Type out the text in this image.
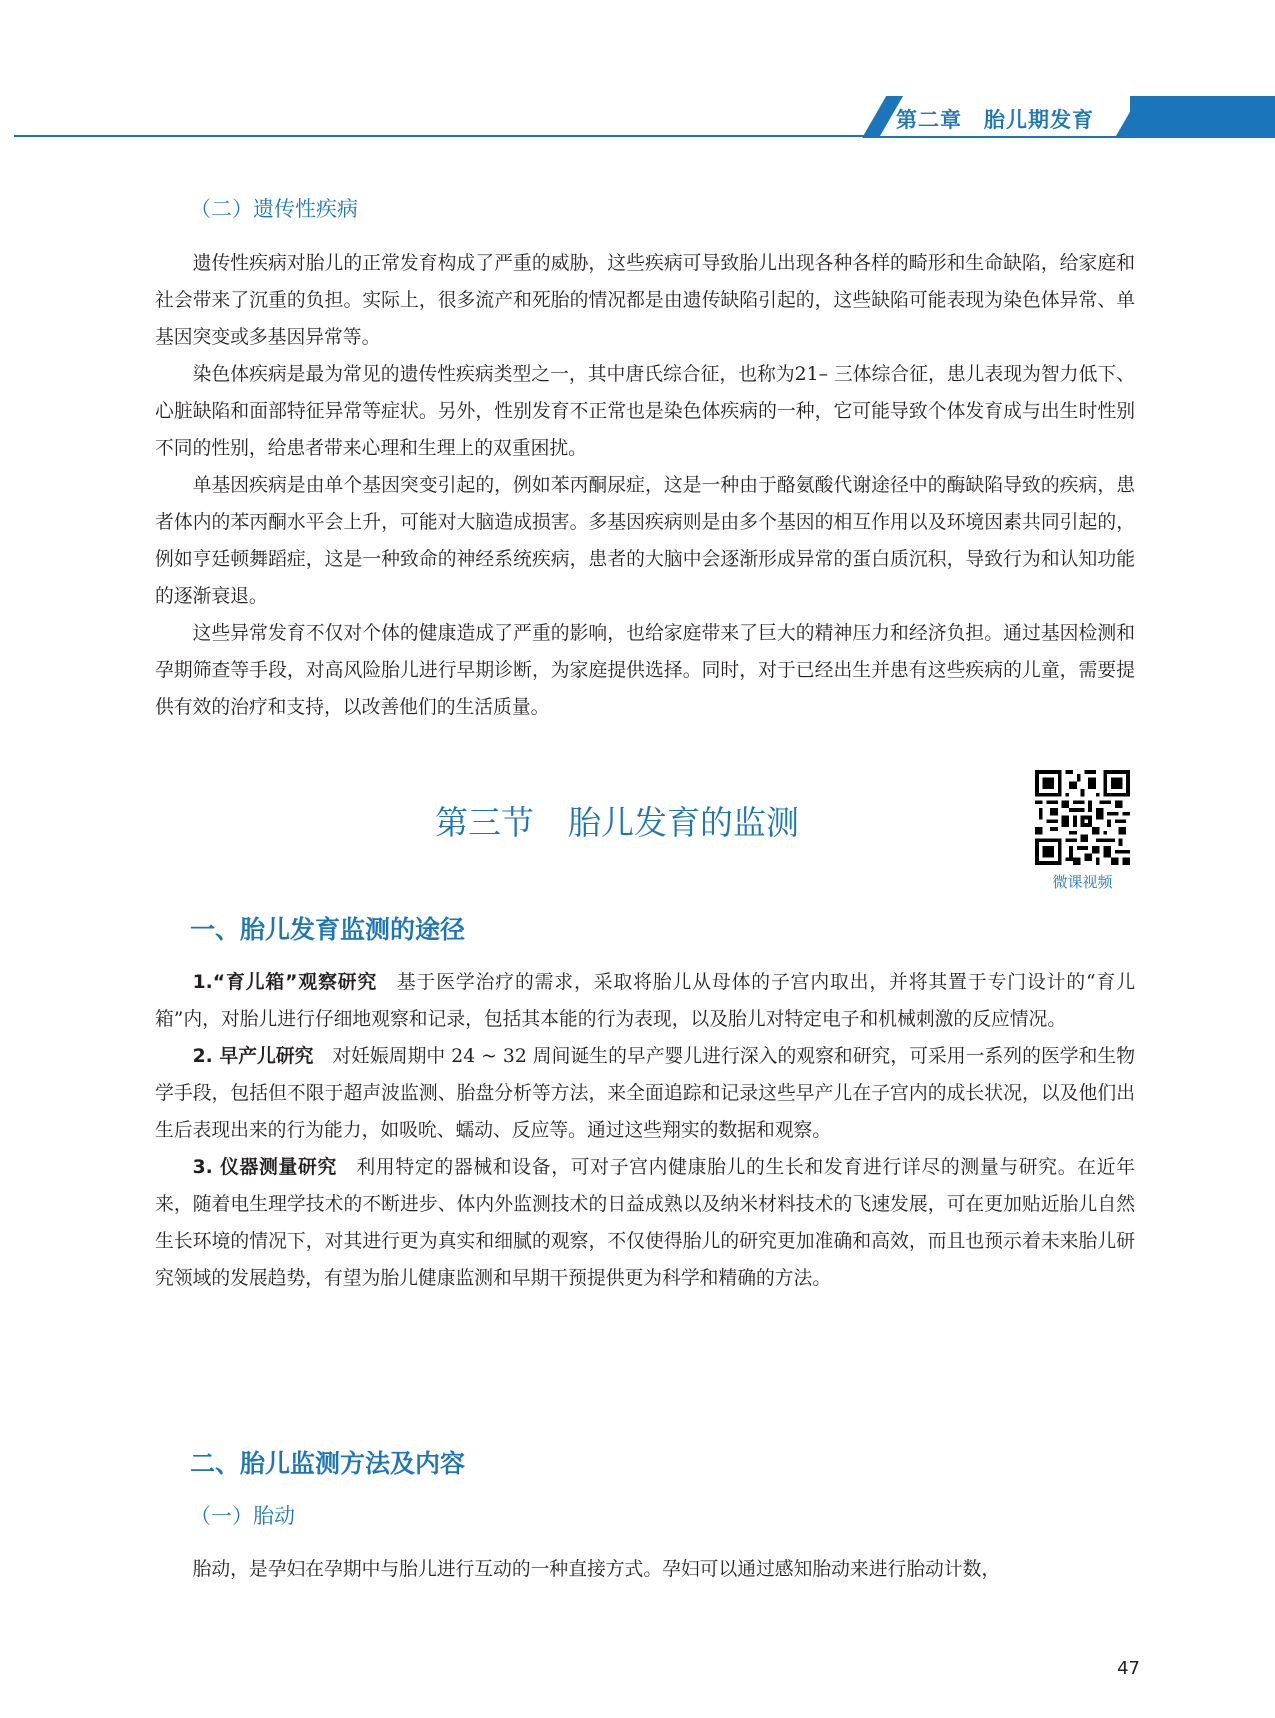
第二章 胎儿期发育
（二）遗传性疾病

遗传性疾病对胎儿的正常发育构成了严重的威胁，这些疾病可导致胎儿出现各种各样的畸形和生命缺陷，给家庭和社会带来了沉重的负担。实际上，很多流产和死胎的情况都是由遗传缺陷引起的，这些缺陷可能表现为染色体异常、单基因突变或多基因异常等。

染色体疾病是最为常见的遗传性疾病类型之一，其中唐氏综合征，也称为21– 三体综合征，患儿表现为智力低下、心脏缺陷和面部特征异常等症状。另外，性别发育不正常也是染色体疾病的一种，它可能导致个体发育成与出生时性别不同的性别，给患者带来心理和生理上的双重困扰。

单基因疾病是由单个基因突变引起的，例如苯丙酮尿症，这是一种由于酪氨酸代谢途径中的酶缺陷导致的疾病，患者体内的苯丙酮水平会上升，可能对大脑造成损害。多基因疾病则是由多个基因的相互作用以及环境因素共同引起的，例如亨廷顿舞蹈症，这是一种致命的神经系统疾病，患者的大脑中会逐渐形成异常的蛋白质沉积，导致行为和认知功能的逐渐衰退。

这些异常发育不仅对个体的健康造成了严重的影响，也给家庭带来了巨大的精神压力和经济负担。通过基因检测和孕期筛查等手段，对高风险胎儿进行早期诊断，为家庭提供选择。同时，对于已经出生并患有这些疾病的儿童，需要提供有效的治疗和支持，以改善他们的生活质量。

第三节 胎儿发育的监测
微课视频
一、胎儿发育监测的途径

1.“育儿箱”观察研究　 基于医学治疗的需求，采取将胎儿从母体的子宫内取出，并将其置于专门设计的“育儿箱”内，对胎儿进行仔细地观察和记录，包括其本能的行为表现，以及胎儿对特定电子和机械刺激的反应情况。

2. 早产儿研究　 对妊娠周期中 24 ~ 32 周间诞生的早产婴儿进行深入的观察和研究，可采用一系列的医学和生物学手段，包括但不限于超声波监测、胎盘分析等方法，来全面追踪和记录这些早产儿在子宫内的成长状况，以及他们出生后表现出来的行为能力，如吸吮、蠕动、反应等。通过这些翔实的数据和观察。

3. 仪器测量研究　 利用特定的器械和设备，可对子宫内健康胎儿的生长和发育进行详尽的测量与研究。在近年来，随着电生理学技术的不断进步、体内外监测技术的日益成熟以及纳米材料技术的飞速发展，可在更加贴近胎儿自然生长环境的情况下，对其进行更为真实和细腻的观察，不仅使得胎儿的研究更加准确和高效，而且也预示着未来胎儿研究领域的发展趋势，有望为胎儿健康监测和早期干预提供更为科学和精确的方法。

二、胎儿监测方法及内容
（一）胎动

胎动，是孕妇在孕期中与胎儿进行互动的一种直接方式。孕妇可以通过感知胎动来进行胎动计数，

47
